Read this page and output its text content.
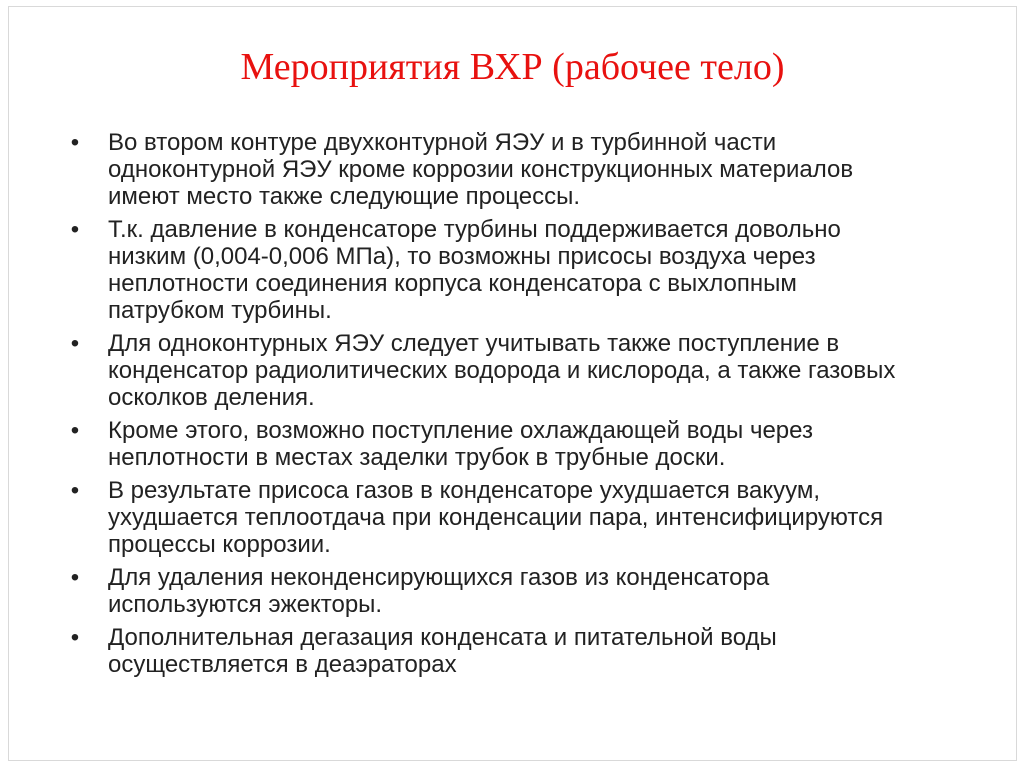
Мероприятия ВХР (рабочее тело)
• Во втором контуре двухконтурной ЯЭУ и в турбинной части
одноконтурной ЯЭУ кроме коррозии конструкционных материалов
имеют место также следующие процессы.
• Т.к. давление в конденсаторе турбины поддерживается довольно
низким (0,004-0,006 МПа), то возможны присосы воздуха через
неплотности соединения корпуса конденсатора с выхлопным
патрубком турбины.
• Для одноконтурных ЯЭУ следует учитывать также поступление в
конденсатор радиолитических водорода и кислорода, а также газовых
осколков деления.
• Кроме этого, возможно поступление охлаждающей воды через
неплотности в местах заделки трубок в трубные доски.
• В результате присоса газов в конденсаторе ухудшается вакуум,
ухудшается теплоотдача при конденсации пара, интенсифицируются
процессы коррозии.
• Для удаления неконденсирующихся газов из конденсатора
используются эжекторы.
• Дополнительная дегазация конденсата и питательной воды
осуществляется в деаэраторах
